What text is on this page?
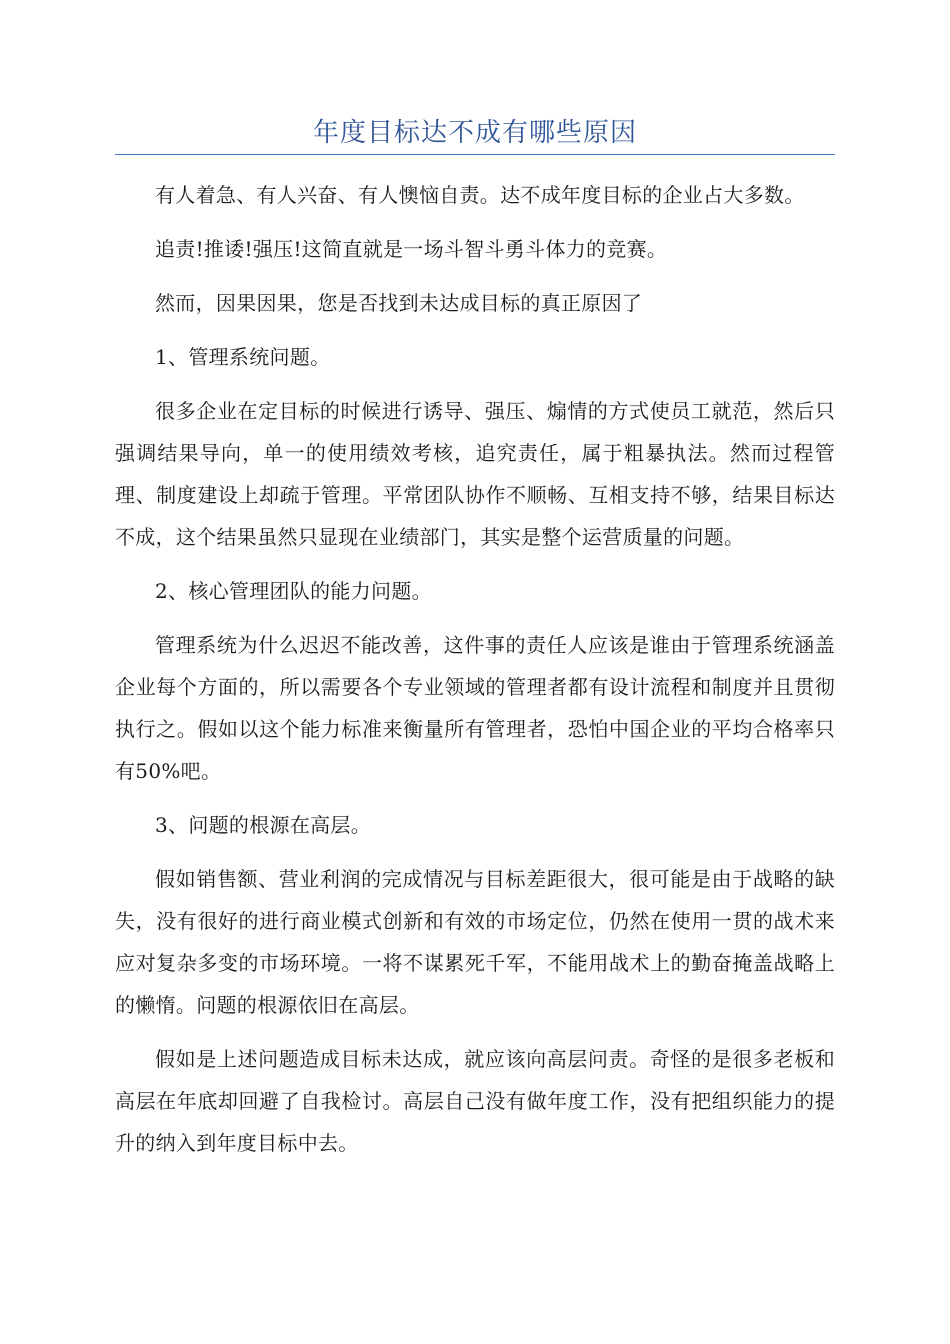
年度目标达不成有哪些原因

有人着急、有人兴奋、有人懊恼自责。达不成年度目标的企业占大多数。

追责!推诿!强压!这简直就是一场斗智斗勇斗体力的竞赛。

然而，因果因果，您是否找到未达成目标的真正原因了

1、管理系统问题。

很多企业在定目标的时候进行诱导、强压、煽情的方式使员工就范，然后只强调结果导向，单一的使用绩效考核，追究责任，属于粗暴执法。然而过程管理、制度建设上却疏于管理。平常团队协作不顺畅、互相支持不够，结果目标达不成，这个结果虽然只显现在业绩部门，其实是整个运营质量的问题。

2、核心管理团队的能力问题。

管理系统为什么迟迟不能改善，这件事的责任人应该是谁由于管理系统涵盖企业每个方面的，所以需要各个专业领域的管理者都有设计流程和制度并且贯彻执行之。假如以这个能力标准来衡量所有管理者，恐怕中国企业的平均合格率只有50%吧。

3、问题的根源在高层。

假如销售额、营业利润的完成情况与目标差距很大，很可能是由于战略的缺失，没有很好的进行商业模式创新和有效的市场定位，仍然在使用一贯的战术来应对复杂多变的市场环境。一将不谋累死千军，不能用战术上的勤奋掩盖战略上的懒惰。问题的根源依旧在高层。

假如是上述问题造成目标未达成，就应该向高层问责。奇怪的是很多老板和高层在年底却回避了自我检讨。高层自己没有做年度工作，没有把组织能力的提升的纳入到年度目标中去。
